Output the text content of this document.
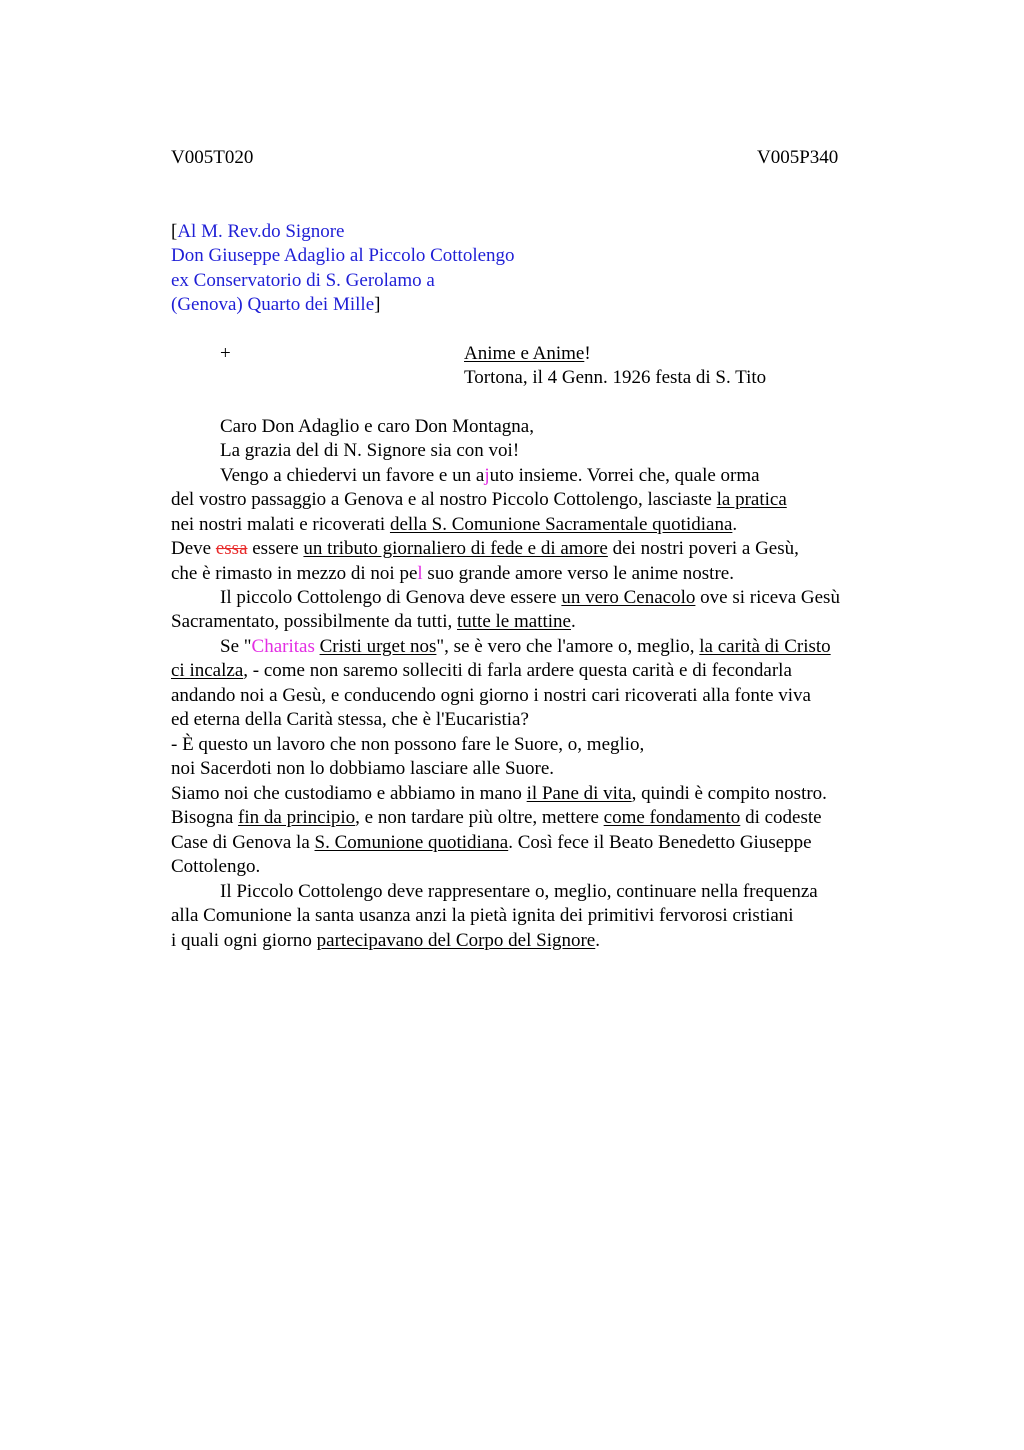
V005T020	V005P340
[Al M. Rev.do Signore
Don Giuseppe Adaglio al Piccolo Cottolengo
ex Conservatorio di S. Gerolamo a
(Genova) Quarto dei Mille]
+	Anime e Anime!
Tortona, il 4 Genn. 1926 festa di S. Tito
Caro Don Adaglio e caro Don Montagna,
La grazia del di N. Signore sia con voi!
Vengo a chiedervi un favore e un ajuto insieme. Vorrei che, quale orma
del vostro passaggio a Genova e al nostro Piccolo Cottolengo, lasciaste la pratica
nei nostri malati e ricoverati della S. Comunione Sacramentale quotidiana.
Deve essa essere un tributo giornaliero di fede e di amore dei nostri poveri a Gesù,
che è rimasto in mezzo di noi pel suo grande amore verso le anime nostre.
Il piccolo Cottolengo di Genova deve essere un vero Cenacolo ove si riceva Gesù
Sacramentato, possibilmente da tutti, tutte le mattine.
Se "Charitas Cristi urget nos", se è vero che l'amore o, meglio, la carità di Cristo
ci incalza, - come non saremo solleciti di farla ardere questa carità e di fecondarla
andando noi a Gesù, e conducendo ogni giorno i nostri cari ricoverati alla fonte viva
ed eterna della Carità stessa, che è l'Eucaristia?
- È questo un lavoro che non possono fare le Suore, o, meglio,
noi Sacerdoti non lo dobbiamo lasciare alle Suore.
Siamo noi che custodiamo e abbiamo in mano il Pane di vita, quindi è compito nostro.
Bisogna fin da principio, e non tardare più oltre, mettere come fondamento di codeste
Case di Genova la S. Comunione quotidiana. Così fece il Beato Benedetto Giuseppe
Cottolengo.
Il Piccolo Cottolengo deve rappresentare o, meglio, continuare nella frequenza
alla Comunione la santa usanza anzi la pietà ignita dei primitivi fervorosi cristiani
i quali ogni giorno partecipavano del Corpo del Signore.
